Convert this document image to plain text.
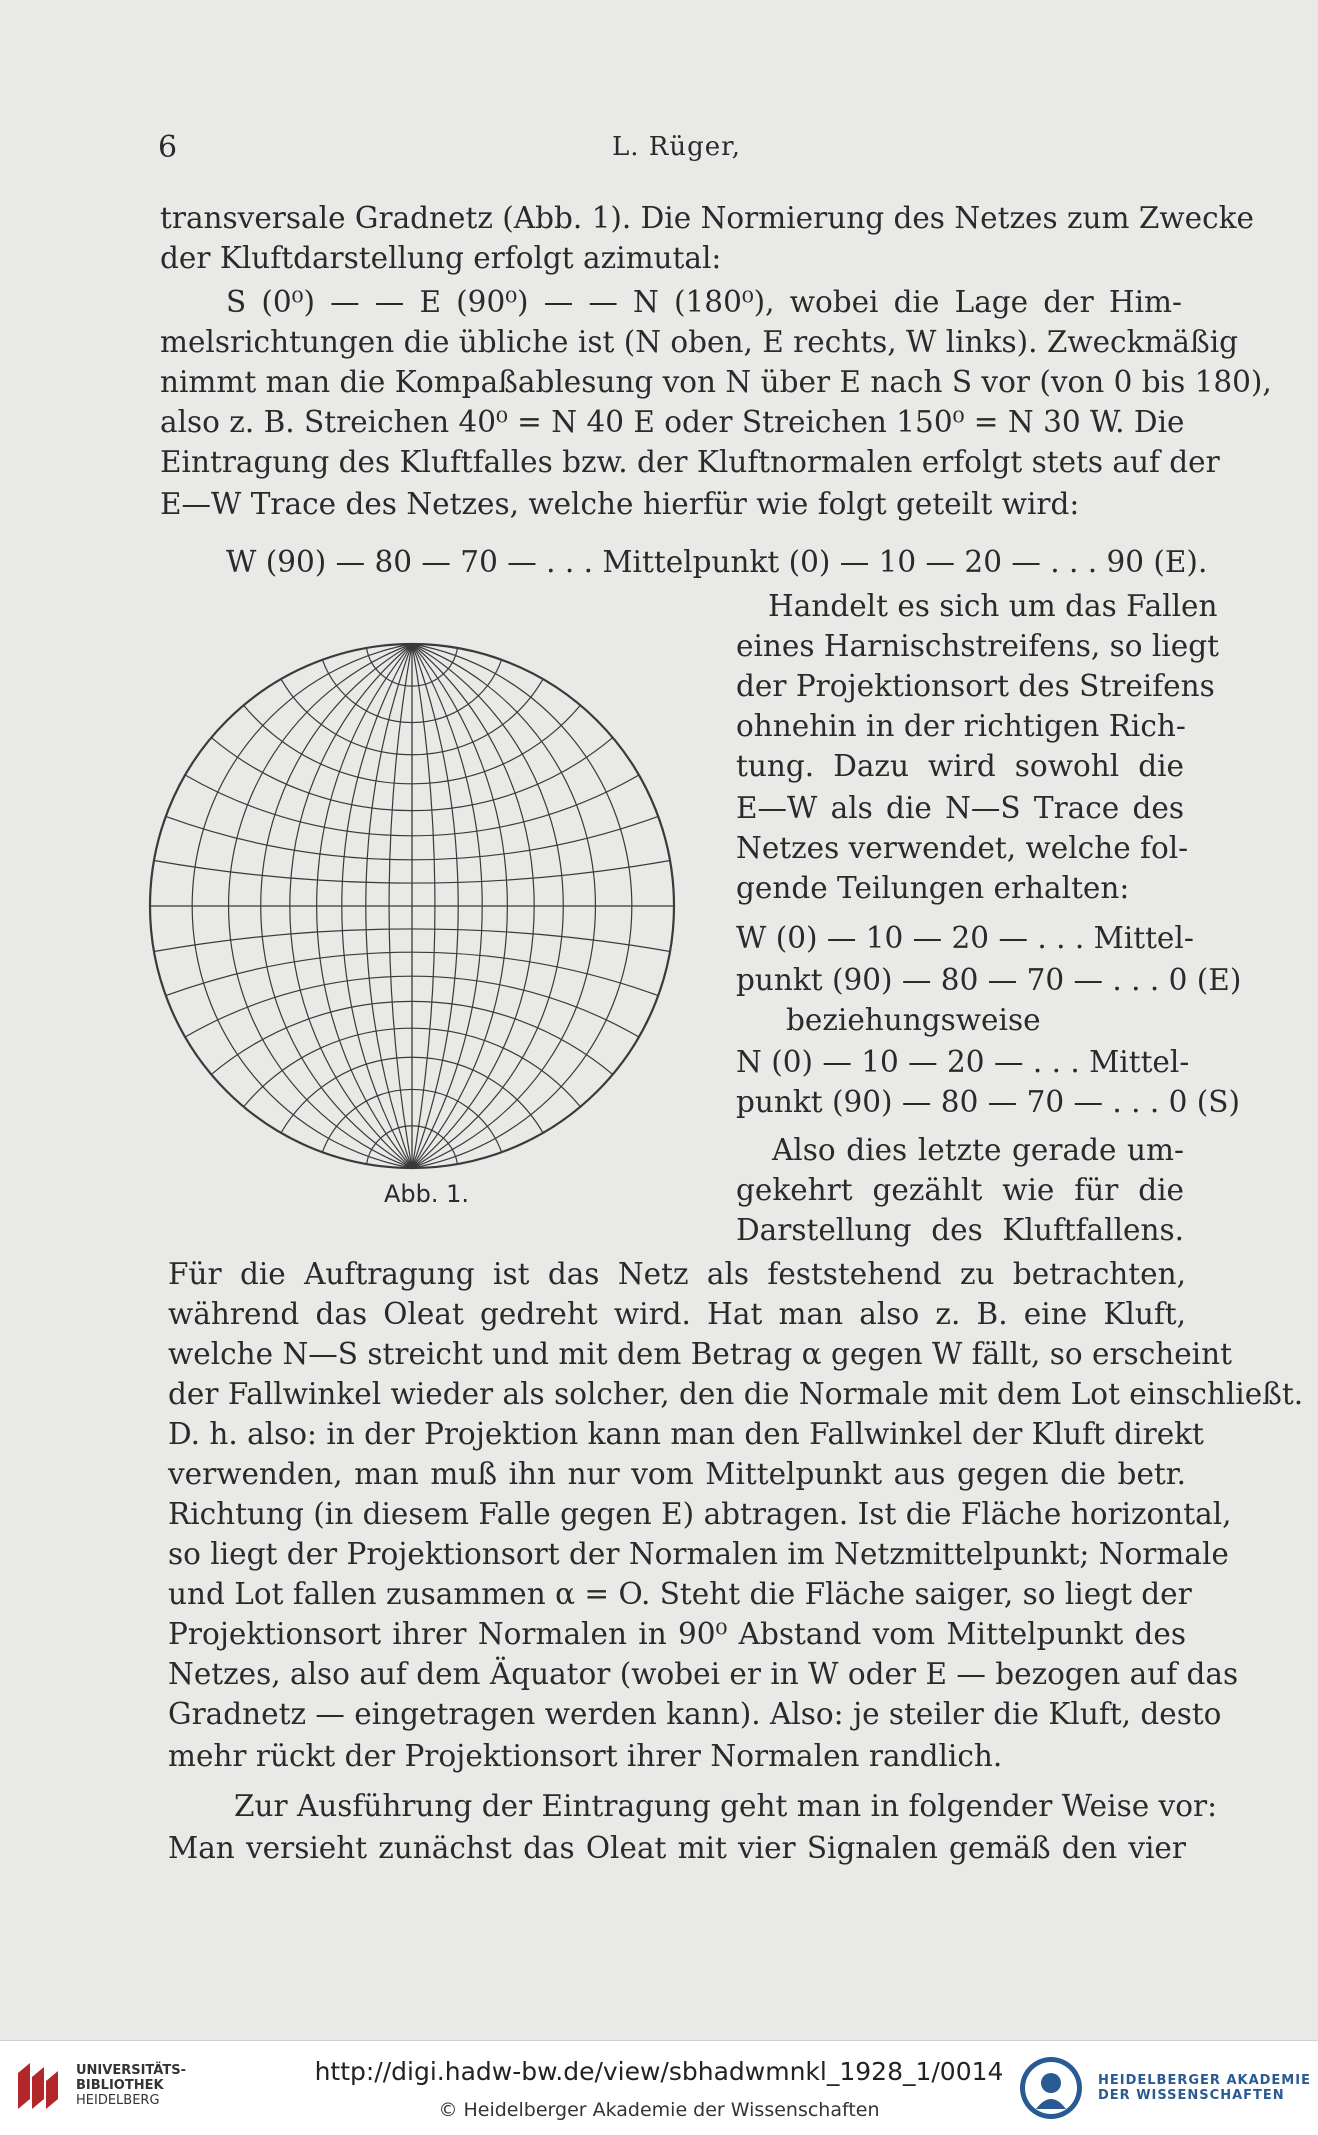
6	L. Rüger,
transversale Gradnetz (Abb. 1). Die Normierung des Netzes zum Zwecke
der Kluftdarstellung erfolgt azimutal:
S (0⁰) — — E (90⁰) — — N (180⁰), wobei die Lage der Him-
melsrichtungen die übliche ist (N oben, E rechts, W links). Zweckmäßig
nimmt man die Kompaßablesung von N über E nach S vor (von 0 bis 180),
also z. B. Streichen 40⁰ = N 40 E oder Streichen 150⁰ = N 30 W. Die
Eintragung des Kluftfalles bzw. der Kluftnormalen erfolgt stets auf der
E—W Trace des Netzes, welche hierfür wie folgt geteilt wird:
W (90) — 80 — 70 — . . . Mittelpunkt (0) — 10 — 20 — . . . 90 (E).
Handelt es sich um das Fallen
eines Harnischstreifens, so liegt
der Projektionsort des Streifens
ohnehin in der richtigen Rich-
tung. Dazu wird sowohl die
E—W als die N—S Trace des
Netzes verwendet, welche fol-
gende Teilungen erhalten:
W (0) — 10 — 20 — . . . Mittel-
punkt (90) — 80 — 70 — . . . 0 (E)
beziehungsweise
N (0) — 10 — 20 — . . . Mittel-
punkt (90) — 80 — 70 — . . . 0 (S)
Also dies letzte gerade um-
gekehrt gezählt wie für die
Darstellung des Kluftfallens.
Abb. 1.
Für die Auftragung ist das Netz als feststehend zu betrachten,
während das Oleat gedreht wird. Hat man also z. B. eine Kluft,
welche N—S streicht und mit dem Betrag α gegen W fällt, so erscheint
der Fallwinkel wieder als solcher, den die Normale mit dem Lot einschließt.
D. h. also: in der Projektion kann man den Fallwinkel der Kluft direkt
verwenden, man muß ihn nur vom Mittelpunkt aus gegen die betr.
Richtung (in diesem Falle gegen E) abtragen. Ist die Fläche horizontal,
so liegt der Projektionsort der Normalen im Netzmittelpunkt; Normale
und Lot fallen zusammen α = O. Steht die Fläche saiger, so liegt der
Projektionsort ihrer Normalen in 90⁰ Abstand vom Mittelpunkt des
Netzes, also auf dem Äquator (wobei er in W oder E — bezogen auf das
Gradnetz — eingetragen werden kann). Also: je steiler die Kluft, desto
mehr rückt der Projektionsort ihrer Normalen randlich.
Zur Ausführung der Eintragung geht man in folgender Weise vor:
Man versieht zunächst das Oleat mit vier Signalen gemäß den vier
UNIVERSITÄTS-
BIBLIOTHEK
HEIDELBERG
http://digi.hadw-bw.de/view/sbhadwmnkl_1928_1/0014
© Heidelberger Akademie der Wissenschaften
HEIDELBERGER AKADEMIE
DER WISSENSCHAFTEN
